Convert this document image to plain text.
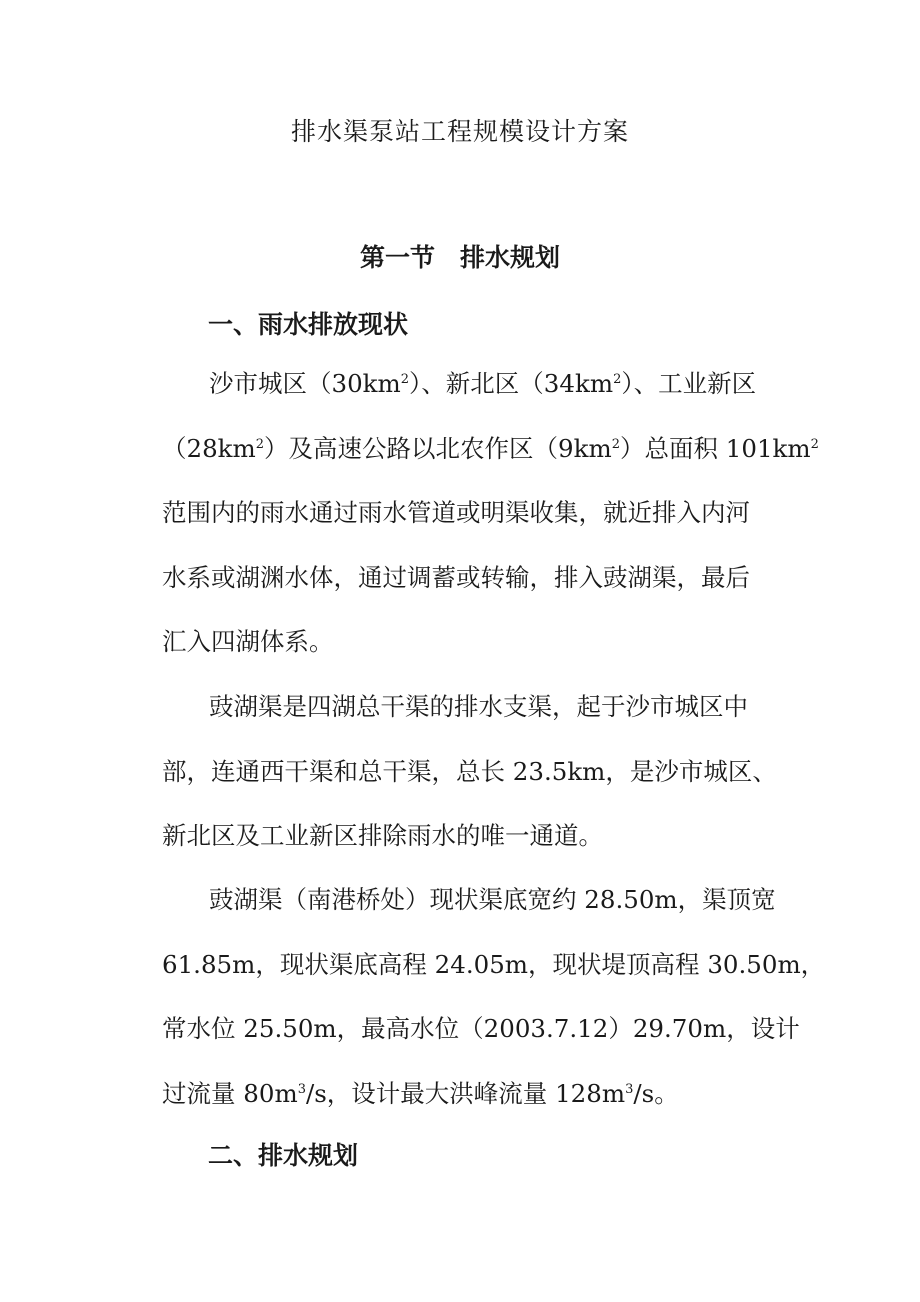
排水渠泵站工程规模设计方案
第一节　排水规划
一、雨水排放现状
沙市城区$(30km^2)$、新北区$(34km^2)$、工业新区
$(28km^2)$及高速公路以北农作区$(9km^2)$总面积 $101km^2$
范围内的雨水通过雨水管道或明渠收集，就近排入内河
水系或湖渊水体，通过调蓄或转输，排入豉湖渠，最后
汇入四湖体系。
豉湖渠是四湖总干渠的排水支渠，起于沙市城区中
部，连通西干渠和总干渠，总长 23.5km，是沙市城区、
新北区及工业新区排除雨水的唯一通道。
豉湖渠（南港桥处）现状渠底宽约 28.50m，渠顶宽
61.85m，现状渠底高程 24.05m，现状堤顶高程 30.50m，
常水位 25.50m，最高水位（2003.7.12）29.70m，设计
过流量 $80m^3/s$，设计最大洪峰流量 $128m^3/s$。
二、排水规划
